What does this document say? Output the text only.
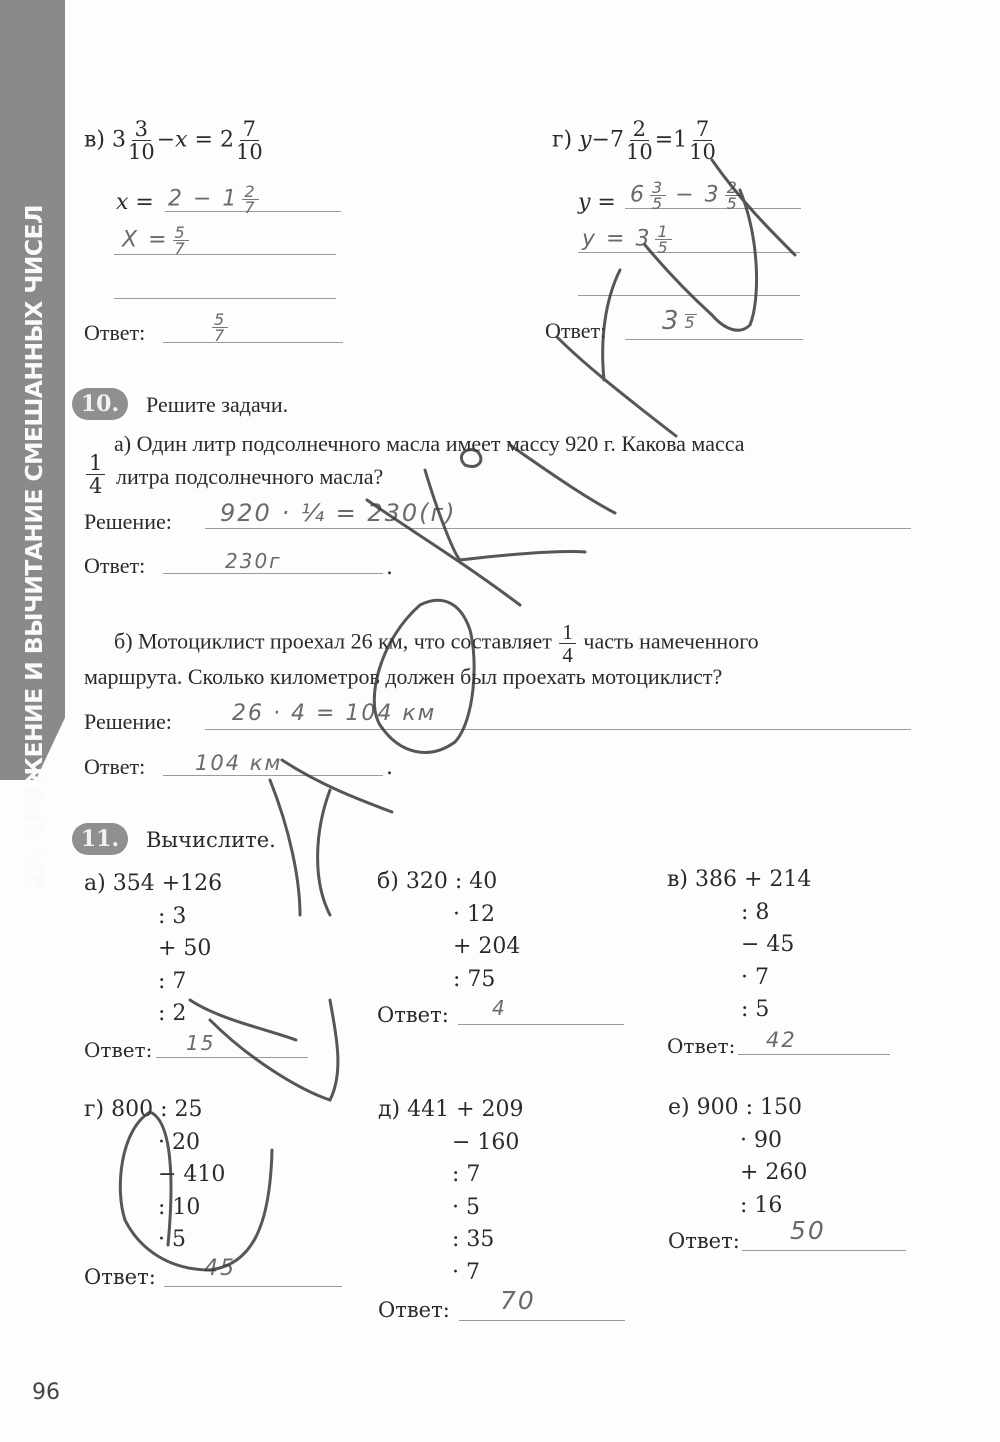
29. СЛОЖЕНИЕ И ВЫЧИТАНИЕ СМЕШАННЫХ ЧИСЕЛ
в) $3 \frac{3}{10} -x = 2 \frac{7}{10}$
$x = 2 - 1 \frac{2}{7}$
$X = \frac{5}{7}$
Ответ:	$\frac{5}{7}$
г) $y-7 \frac{2}{10} =1 \frac{7}{10}$
$y = 6 \frac{3}{5} - 3 \frac{2}{5}$
$y = 3 \frac{1}{5}$
Ответ: 3 5
10.	Решите задачи.
а) Один литр подсолнечного масла имеет массу 920 г. Какова масса
$\frac{1}{4}$ литра подсолнечного масла?
Решение: 920 · ¼ = 230(г)
Ответ:	.
230г
б) Мотоциклист проехал 26 км, что составляет $\frac{1}{4}$ часть намеченного
маршрута. Сколько километров должен был проехать мотоциклист?
Решение:	26 · 4 = 104 км
Ответ:	.
104 км
11.	Вычислите.
а) 354 +126
: 3
+ 50
: 7
: 2
Ответ: 15
б) 320 : 40
· 12
+ 204
: 75
Ответ: 4
в) 386 + 214
: 8
− 45
· 7
: 5
Ответ: 42
г) 800 : 25
· 20
− 410
: 10
· 5
Ответ: 45
д) 441 + 209
− 160
: 7
· 5
: 35
· 7
Ответ: 70
е) 900 : 150
· 90
+ 260
: 16
Ответ: 50
96
